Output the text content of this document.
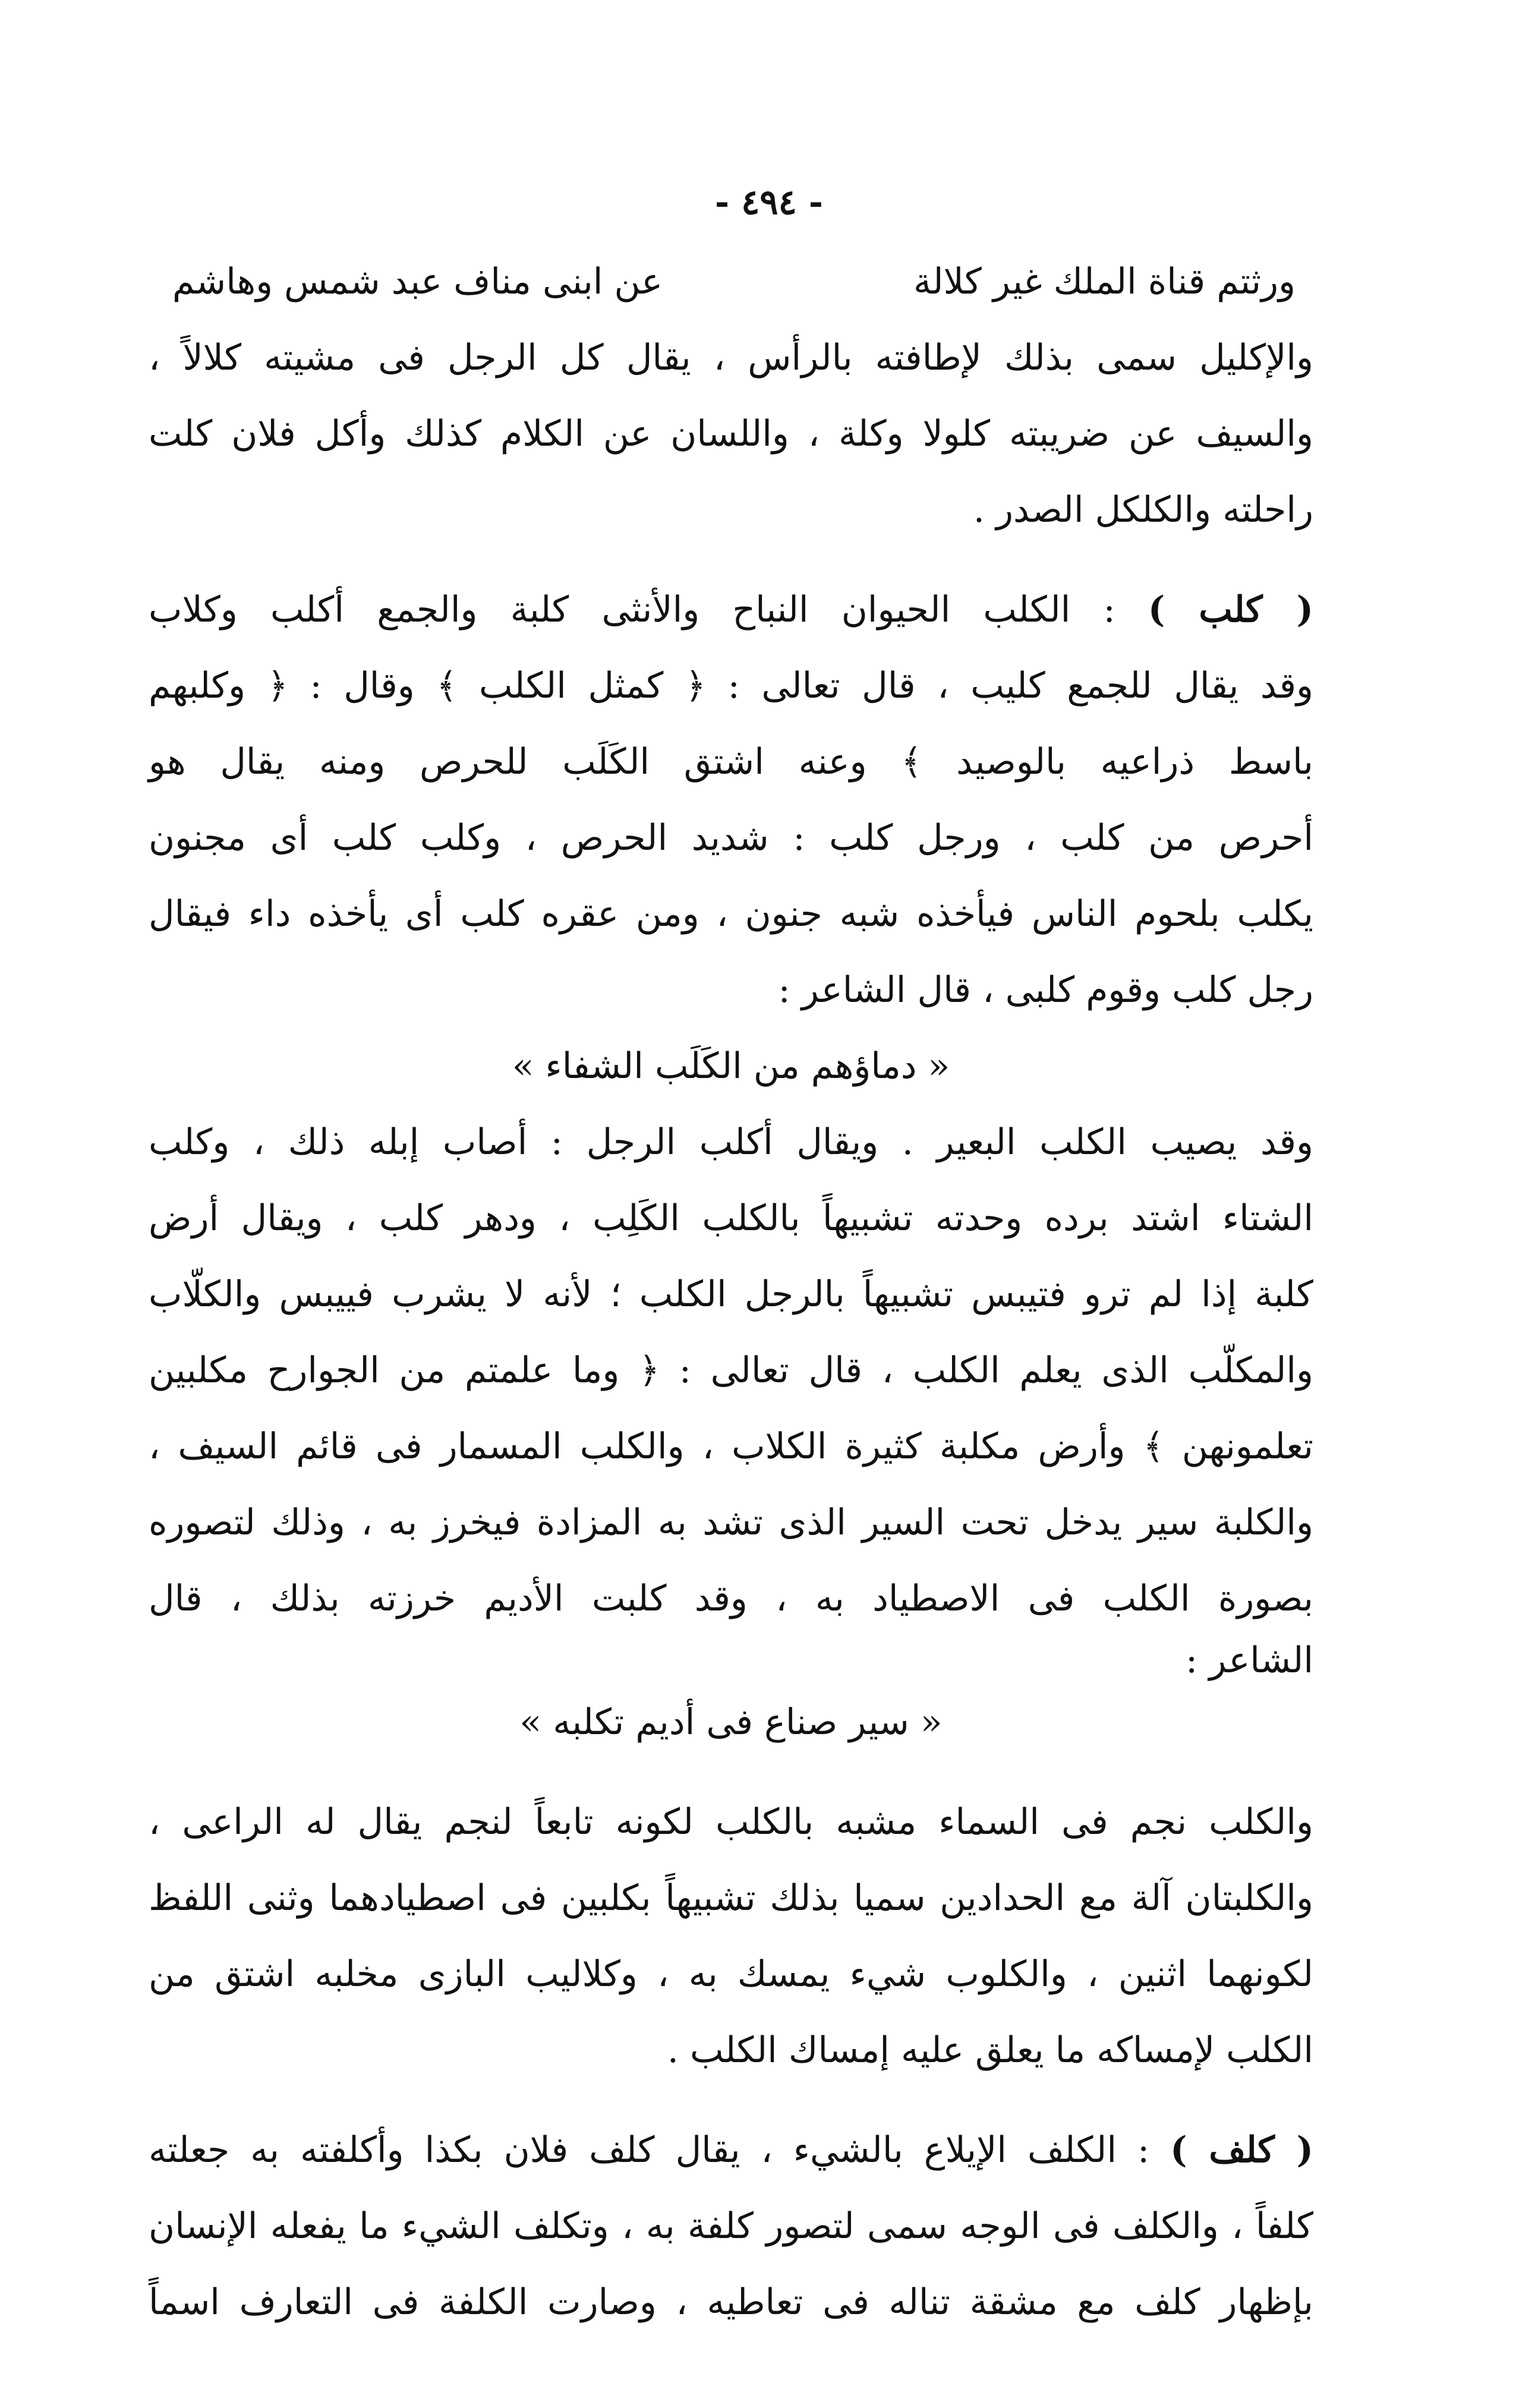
- ٤٩٤ -
ورثتم قناة الملك غير كلالة
عن ابنى مناف عبد شمس وهاشم
والإكليل سمى بذلك لإطافته بالرأس ، يقال كل الرجل فى مشيته كلالاً ،
والسيف عن ضريبته كلولا وكلة ، واللسان عن الكلام كذلك وأكل فلان كلت
راحلته والكلكل الصدر .
( كلب ) : الكلب الحيوان النباح والأنثى كلبة والجمع أكلب وكلاب
وقد يقال للجمع كليب ، قال تعالى : ﴿ كمثل الكلب ﴾ وقال : ﴿ وكلبهم
باسط ذراعيه بالوصيد ﴾ وعنه اشتق الكَلَب للحرص ومنه يقال هو
أحرص من كلب ، ورجل كلب : شديد الحرص ، وكلب كلب أى مجنون
يكلب بلحوم الناس فيأخذه شبه جنون ، ومن عقره كلب أى يأخذه داء فيقال
رجل كلب وقوم كلبى ، قال الشاعر :
« دماؤهم من الكَلَب الشفاء »
وقد يصيب الكلب البعير . ويقال أكلب الرجل : أصاب إبله ذلك ، وكلب
الشتاء اشتد برده وحدته تشبيهاً بالكلب الكَلِب ، ودهر كلب ، ويقال أرض
كلبة إذا لم ترو فتيبس تشبيهاً بالرجل الكلب ؛ لأنه لا يشرب فييبس والكلّاب
والمكلّب الذى يعلم الكلب ، قال تعالى : ﴿ وما علمتم من الجوارح مكلبين
تعلمونهن ﴾ وأرض مكلبة كثيرة الكلاب ، والكلب المسمار فى قائم السيف ،
والكلبة سير يدخل تحت السير الذى تشد به المزادة فيخرز به ، وذلك لتصوره
بصورة الكلب فى الاصطياد به ، وقد كلبت الأديم خرزته بذلك ، قال
الشاعر :
« سير صناع فى أديم تكلبه »
والكلب نجم فى السماء مشبه بالكلب لكونه تابعاً لنجم يقال له الراعى ،
والكلبتان آلة مع الحدادين سميا بذلك تشبيهاً بكلبين فى اصطيادهما وثنى اللفظ
لكونهما اثنين ، والكلوب شيء يمسك به ، وكلاليب البازى مخلبه اشتق من
الكلب لإمساكه ما يعلق عليه إمساك الكلب .
( كلف ) : الكلف الإيلاع بالشيء ، يقال كلف فلان بكذا وأكلفته به جعلته
كلفاً ، والكلف فى الوجه سمى لتصور كلفة به ، وتكلف الشيء ما يفعله الإنسان
بإظهار كلف مع مشقة تناله فى تعاطيه ، وصارت الكلفة فى التعارف اسماً
